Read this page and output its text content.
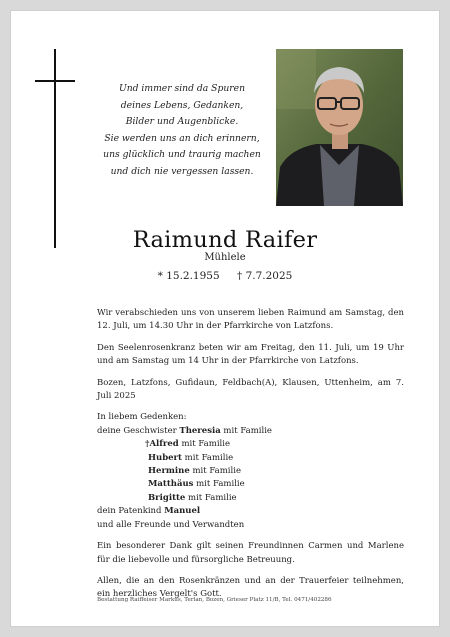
Und immer sind da Spuren
deines Lebens, Gedanken,
Bilder und Augenblicke.
Sie werden uns an dich erinnern,
uns glücklich und traurig machen
und dich nie vergessen lassen.
Raimund Raifer
Mühlele
* 15.2.1955 † 7.7.2025

Wir verabschieden uns von unserem lieben Raimund am Samstag, den 12. Juli, um 14.30 Uhr in der Pfarrkirche von Latzfons.

Den Seelenrosenkranz beten wir am Freitag, den 11. Juli, um 19 Uhr und am Samstag um 14 Uhr in der Pfarrkirche von Latzfons.

Bozen, Latzfons, Gufidaun, Feldbach(A), Klausen, Uttenheim, am 7. Juli 2025

In liebem Gedenken:
deine Geschwister Theresia mit Familie
†Alfred mit Familie
Hubert mit Familie
Hermine mit Familie
Matthäus mit Familie
Brigitte mit Familie
dein Patenkind Manuel
und alle Freunde und Verwandten

Ein besonderer Dank gilt seinen Freundinnen Carmen und Marlene für die liebevolle und fürsorgliche Betreuung.

Allen, die an den Rosenkränzen und an der Trauerfeier teilnehmen, ein herzliches Vergelt's Gott.

Bestattung Raiffeiser Markus, Terlan, Bozen, Grieser Platz 11/B, Tel. 0471/402286
